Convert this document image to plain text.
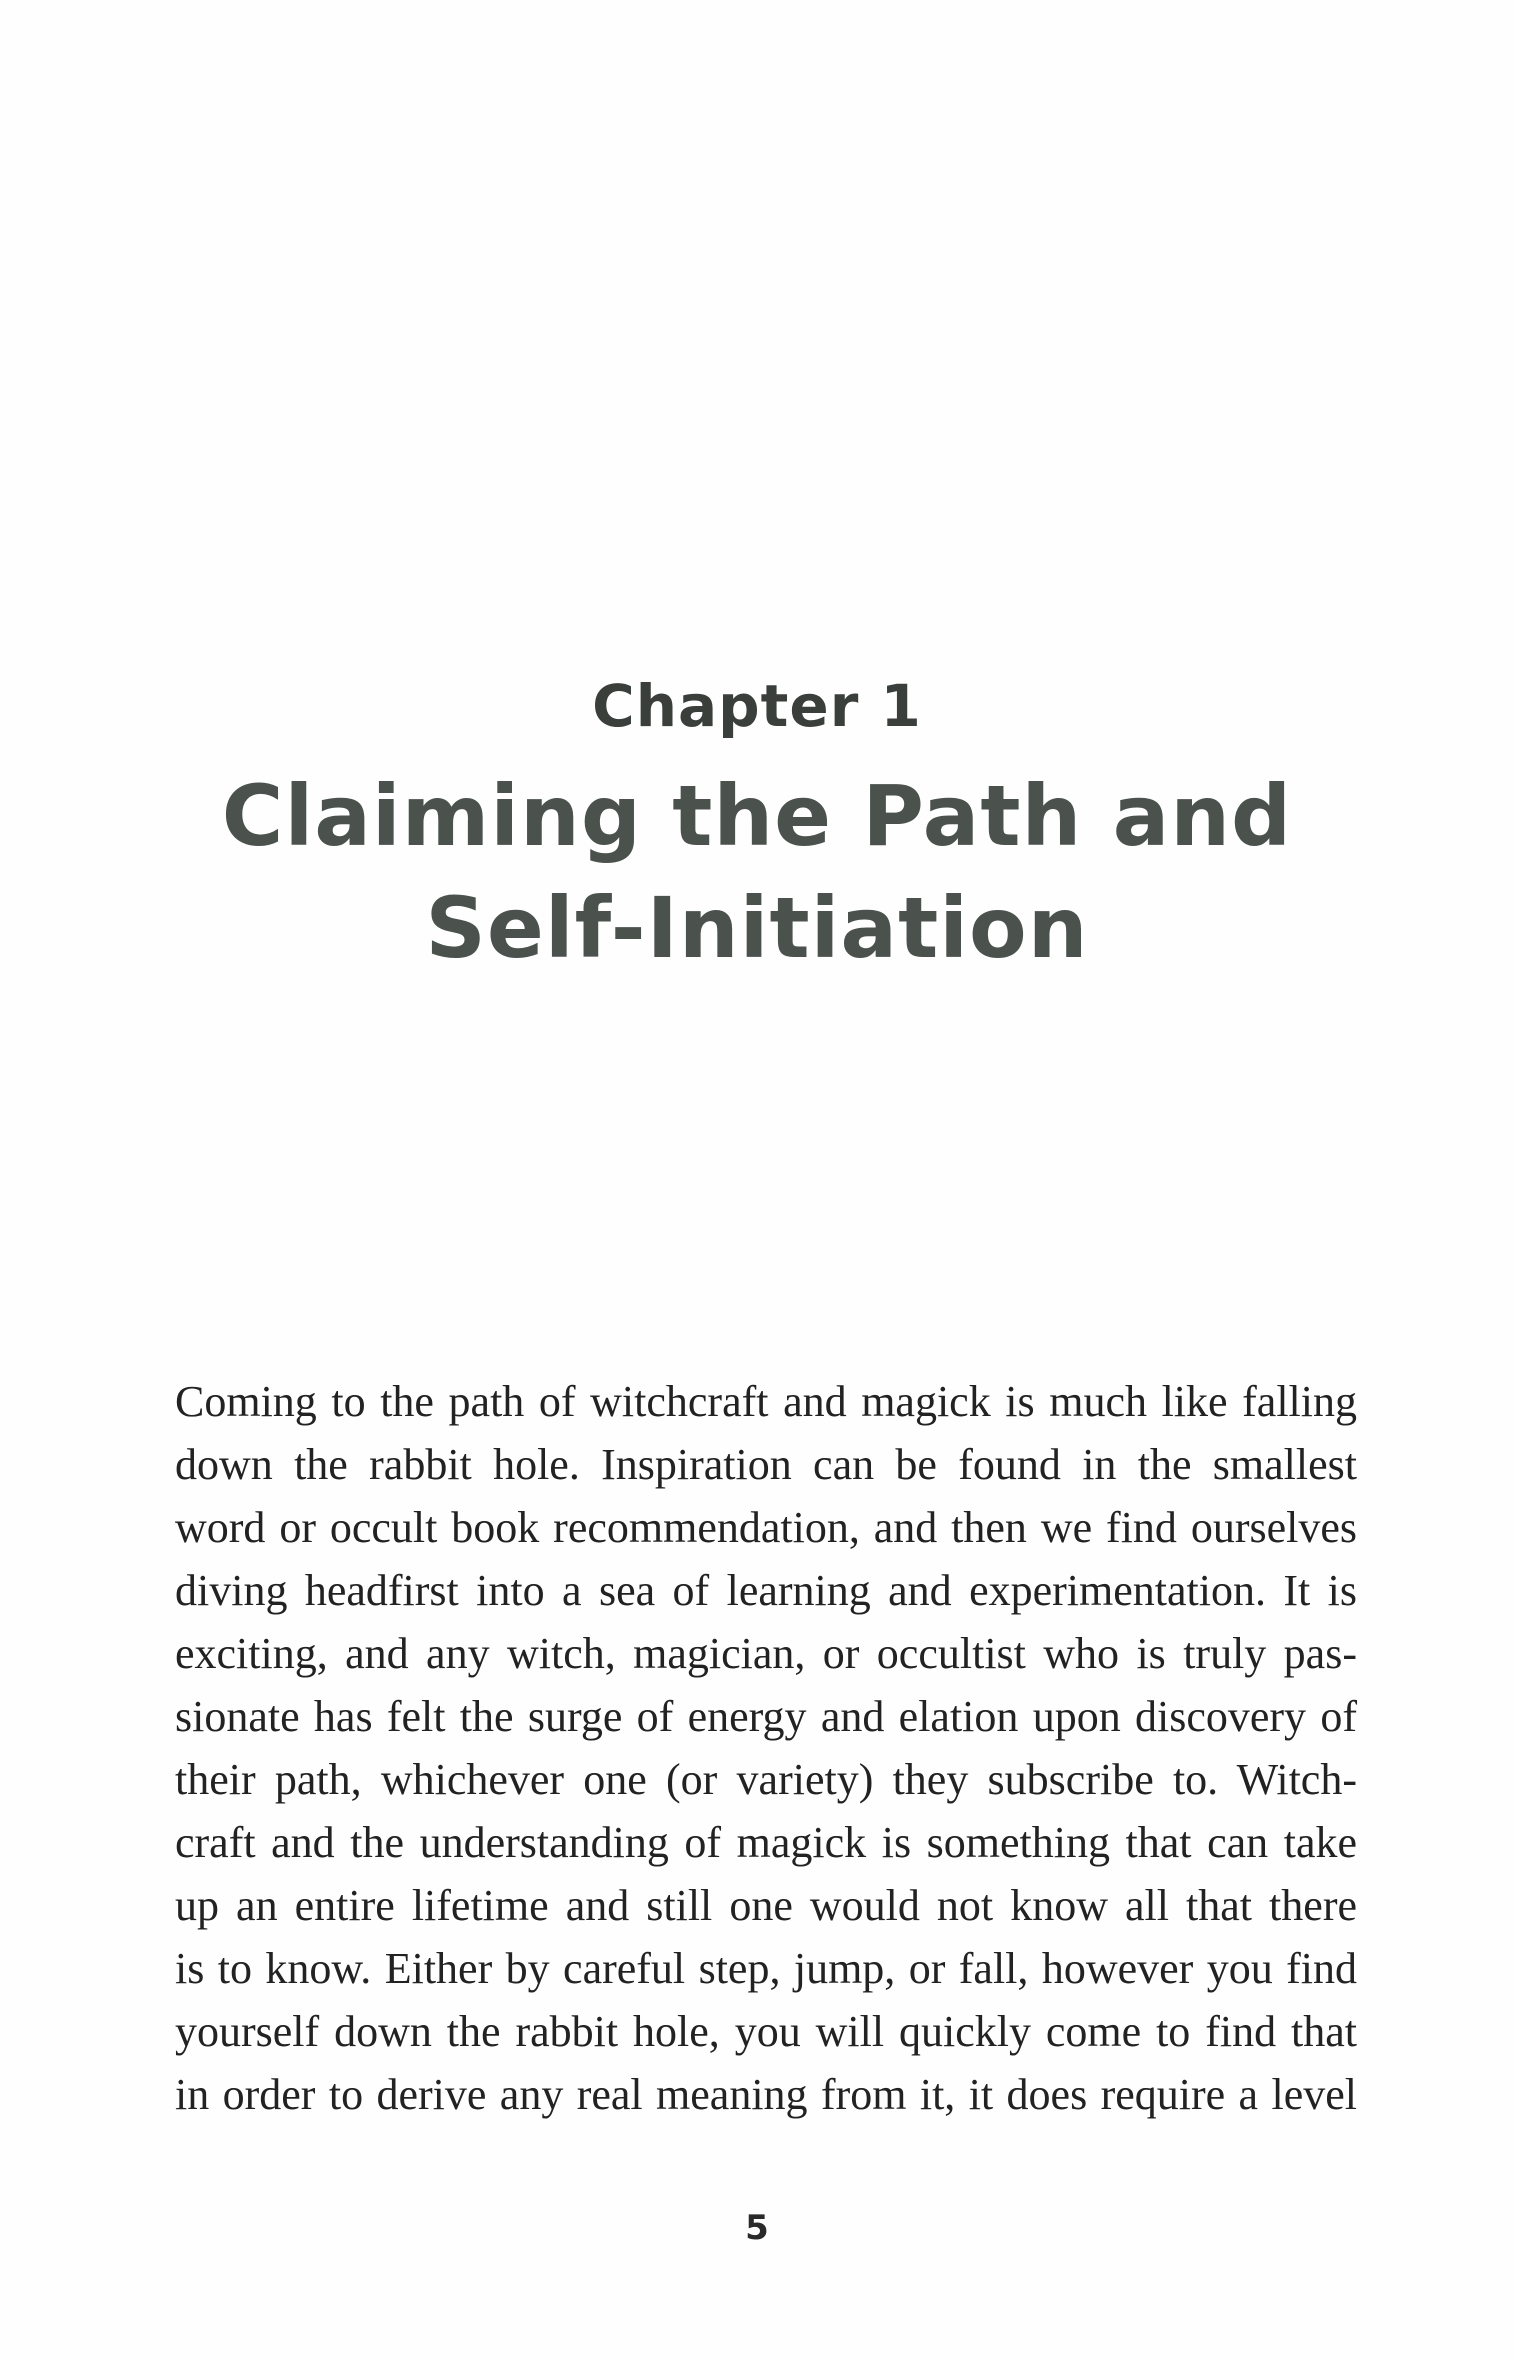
Chapter 1
Claiming the Path and
Self-Initiation
Coming to the path of witchcraft and magick is much like falling
down the rabbit hole. Inspiration can be found in the smallest
word or occult book recommendation, and then we find ourselves
diving headfirst into a sea of learning and experimentation. It is
exciting, and any witch, magician, or occultist who is truly pas-
sionate has felt the surge of energy and elation upon discovery of
their path, whichever one (or variety) they subscribe to. Witch-
craft and the understanding of magick is something that can take
up an entire lifetime and still one would not know all that there
is to know. Either by careful step, jump, or fall, however you find
yourself down the rabbit hole, you will quickly come to find that
in order to derive any real meaning from it, it does require a level
5
